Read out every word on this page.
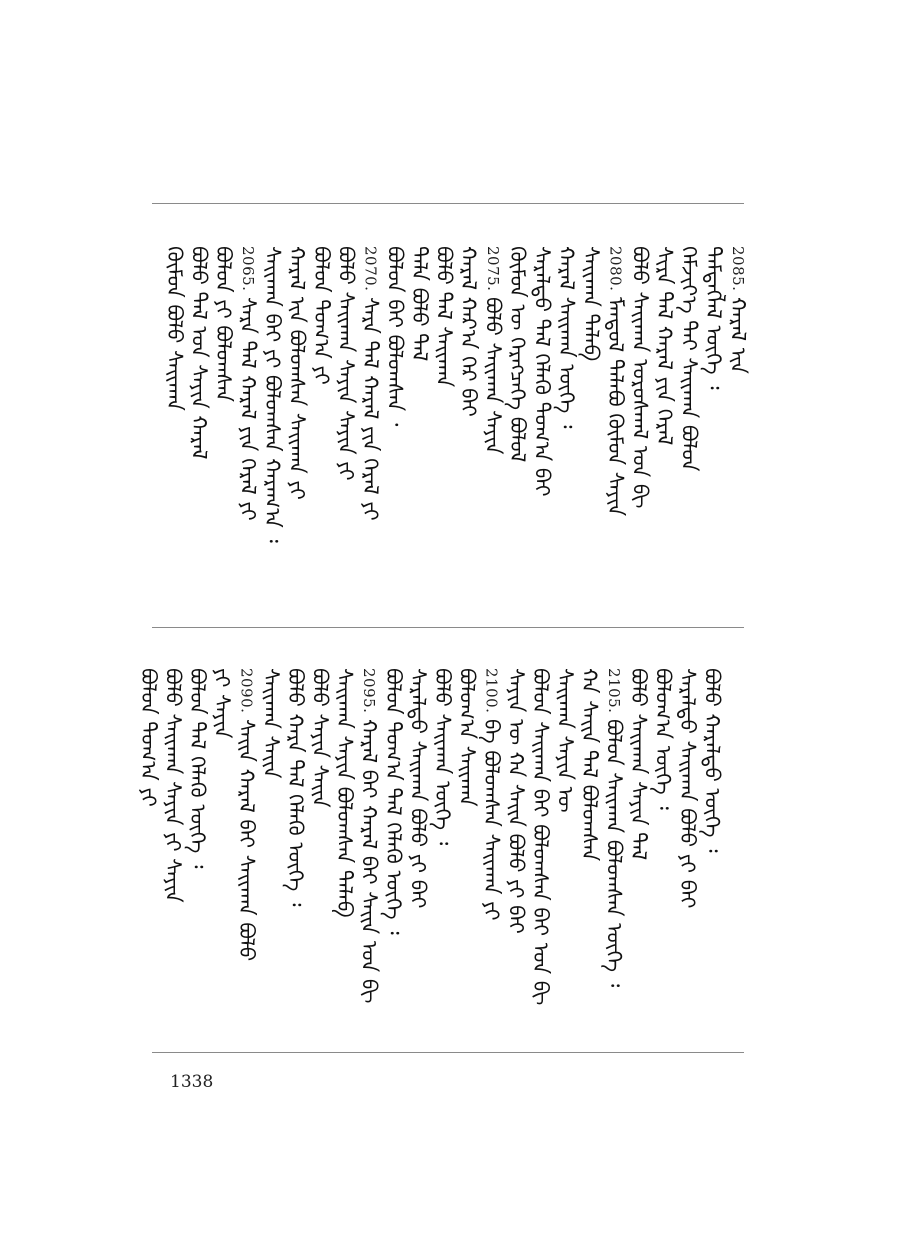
2085.ᠬᠠᠷᠠᠯ ᠢᠨ
ᠲᠡᠮᠳᠡᠭᠯᠡᠯ ᠦᠭᠡ ᠄
ᠬᠡᠮᠵᠢᠶ᠎ᠡ ᠲᠠᠢ ᠰᠠᠢᠬᠠᠨ ᠪᠣᠯᠤᠨ
ᠰᠢᠷᠠ ᠲᠠᠯ ᠬᠠᠷᠠᠯ ᠶᠢᠨ ᠭᠡᠷᠡᠯ
ᠪᠣᠯᠤ ᠰᠠᠢᠬᠠᠨ ᠤᠷᠤᠰᠬᠠᠯ ᠤᠨ ᠪᠢ
2080.ᠮᠠᠨᠳᠤᠯ ᠲᠠᠯᠠᠪᠤ ᠬᠦᠮᠦᠨ ᠰᠠᠶᠢᠨ
ᠰᠠᠢᠬᠠᠨ ᠲᠠᠯᠠᠪ
ᠬᠠᠷᠠᠯ ᠰᠠᠢᠬᠠᠨ ᠦᠭᠡ ᠄
ᠰᠠᠷᠠᠯᠳᠤ ᠲᠠᠯ ᠬᠡᠯᠡᠬᠦ ᠲᠣᠭ᠎ᠠ ᠪᠠᠢ
ᠬᠦᠮᠦᠨ ᠦ ᠬᠡᠷᠡᠭᠴᠡᠭᠡ ᠪᠣᠯᠤᠯ
2075.ᠪᠣᠯᠤ ᠰᠠᠢᠬᠠᠨ ᠰᠠᠶᠢᠨ
ᠬᠠᠷᠠᠯ ᠬᠠᠷ᠎ᠠ ᠭᠡᠷ ᠪᠠᠢ
ᠪᠣᠯᠤ ᠲᠠᠯ ᠰᠠᠢᠬᠠᠨ
ᠲᠠᠯᠠ ᠪᠣᠯᠤ ᠲᠠᠯ
ᠪᠣᠯᠤᠨ ᠪᠠᠢ ᠪᠣᠯᠤᠭᠰᠠᠨ ᠂
2070.ᠰᠠᠷᠠ ᠲᠠᠯ ᠬᠠᠷᠠᠯ ᠶᠢᠨ ᠭᠡᠷᠡᠯ ᠶᠢ
ᠪᠣᠯᠤ ᠰᠠᠢᠬᠠᠨ ᠰᠠᠶᠢᠨ ᠰᠠᠶᠢᠨ ᠶᠢ
ᠪᠣᠯᠤᠨ ᠲᠣᠭ᠎ᠠ ᠶᠢ
ᠬᠠᠷᠠᠯ ᠢᠨ ᠪᠣᠯᠤᠭᠰᠠᠨ ᠰᠠᠢᠬᠠᠨ ᠶᠢ
ᠰᠠᠢᠬᠠᠨ ᠪᠠᠢ ᠶᠢ ᠪᠣᠯᠤᠭᠰᠠᠨ ᠬᠠᠷᠠᠭ᠎ᠠ ᠄
2065.ᠰᠠᠷᠠ ᠲᠠᠯ ᠬᠠᠷᠠᠯ ᠶᠢᠨ ᠭᠡᠷᠡᠯ ᠶᠢ
ᠪᠣᠯᠤᠨ ᠶᠢ ᠪᠣᠯᠤᠭᠰᠠᠨ
ᠪᠣᠯᠤ ᠲᠠᠯ ᠤᠨ ᠰᠠᠶᠢᠨ ᠬᠠᠷᠠᠯ
ᠬᠦᠮᠦᠨ ᠪᠣᠯᠤ ᠰᠠᠢᠬᠠᠨ
ᠪᠣᠯᠤ ᠬᠠᠷᠠᠯᠳᠤ ᠦᠭᠡ ᠄
ᠰᠠᠷᠠᠯᠳᠤ ᠰᠠᠢᠬᠠᠨ ᠪᠣᠯᠤ ᠶᠢ ᠪᠠᠢ
ᠪᠣᠯᠤᠭ᠎ᠠ ᠦᠭᠡ ᠄
ᠪᠣᠯᠤ ᠰᠠᠢᠬᠠᠨ ᠰᠠᠶᠢᠨ ᠲᠠᠯ
2105.ᠪᠣᠯᠤᠨ ᠰᠠᠢᠬᠠᠨ ᠪᠣᠯᠤᠭᠰᠠᠨ ᠦᠭᠡ ᠄
ᠬᠠ ᠰᠠᠢᠨ ᠲᠠᠯ ᠪᠣᠯᠤᠭᠰᠠᠨ
ᠰᠠᠢᠬᠠᠨ ᠰᠠᠶᠢᠨ ᠦ
ᠪᠣᠯᠤᠨ ᠰᠠᠢᠬᠠᠨ ᠪᠠᠢ ᠪᠣᠯᠤᠭᠰᠠᠨ ᠪᠠᠢ ᠤᠨ ᠪᠢ
ᠰᠠᠶᠢᠨ ᠦ ᠬᠠ ᠰᠠᠢᠨ ᠪᠣᠯᠤ ᠶᠢ ᠪᠠᠢ
2100.ᠪᠠ ᠪᠣᠯᠤᠭᠰᠠᠨ ᠰᠠᠢᠬᠠᠨ ᠶᠢ
ᠪᠣᠯᠤᠭ᠎ᠠ ᠰᠠᠢᠬᠠᠨ
ᠪᠣᠯᠤ ᠰᠠᠢᠬᠠᠨ ᠦᠭᠡ ᠄
ᠰᠠᠷᠠᠯᠳᠤ ᠰᠠᠢᠬᠠᠨ ᠪᠣᠯᠤ ᠶᠢ ᠪᠠᠢ
ᠪᠣᠯᠤᠨ ᠲᠣᠭ᠎ᠠ ᠲᠠᠯ ᠬᠡᠯᠡᠬᠦ ᠦᠭᠡ ᠄
2095.ᠬᠠᠷᠠᠯ ᠪᠠᠢ ᠬᠠᠷᠠᠯ ᠪᠠᠢ ᠰᠠᠢᠨ ᠤᠨ ᠪᠢ
ᠰᠠᠢᠬᠠᠨ ᠰᠠᠶᠢᠨ ᠪᠣᠯᠤᠭᠰᠠᠨ ᠲᠠᠯᠠᠪ
ᠪᠣᠯᠤ ᠰᠠᠶᠢᠨ ᠰᠠᠢᠨ
ᠪᠣᠯᠤ ᠬᠠᠷᠠ ᠲᠠᠯ ᠬᠡᠯᠡᠬᠦ ᠦᠭᠡ ᠄
ᠰᠠᠢᠬᠠᠨ ᠰᠠᠢᠨ
2090.ᠰᠠᠢᠨ ᠬᠠᠷᠠᠯ ᠪᠠᠢ ᠰᠠᠢᠬᠠᠨ ᠪᠣᠯᠤ
ᠶᠢ ᠰᠠᠶᠢᠨ
ᠪᠣᠯᠤᠨ ᠲᠠᠯ ᠬᠡᠯᠡᠬᠦ ᠦᠭᠡ ᠄
ᠪᠣᠯᠤ ᠰᠠᠢᠬᠠᠨ ᠰᠠᠶᠢᠨ ᠶᠢ ᠰᠠᠶᠢᠨ
ᠪᠣᠯᠤᠨ ᠲᠣᠭ᠎ᠠ ᠶᠢ
1338
